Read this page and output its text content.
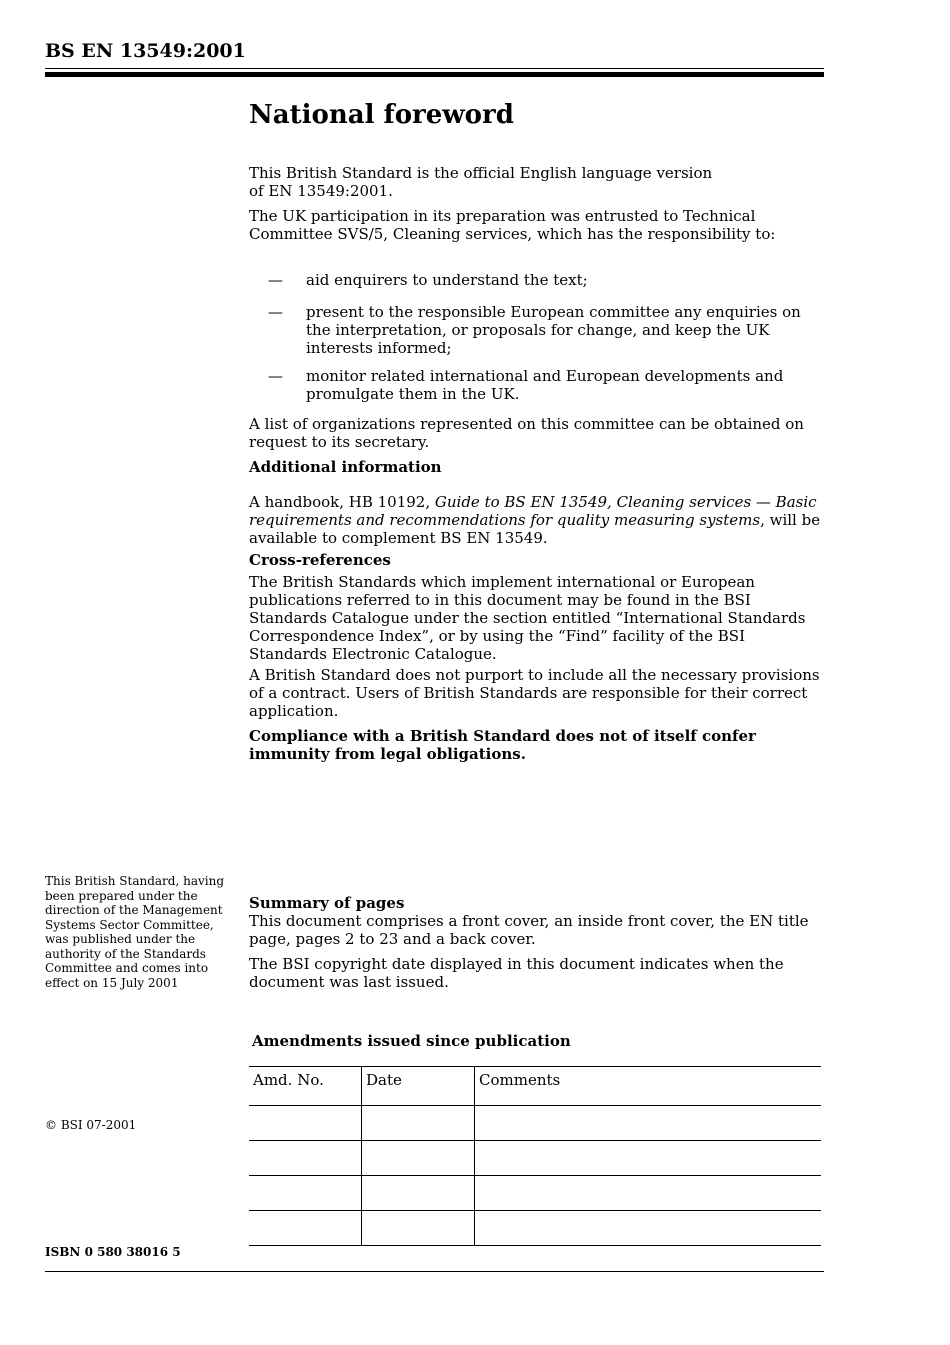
BS EN 13549:2001
National foreword
This British Standard is the official English language version of EN 13549:2001.
The UK participation in its preparation was entrusted to Technical Committee SVS/5, Cleaning services, which has the responsibility to:
— aid enquirers to understand the text;
— present to the responsible European committee any enquiries on the interpretation, or proposals for change, and keep the UK interests informed;
— monitor related international and European developments and promulgate them in the UK.
A list of organizations represented on this committee can be obtained on request to its secretary.
Additional information
A handbook, HB 10192, Guide to BS EN 13549, Cleaning services — Basic requirements and recommendations for quality measuring systems, will be available to complement BS EN 13549.
Cross-references
The British Standards which implement international or European publications referred to in this document may be found in the BSI Standards Catalogue under the section entitled “International Standards Correspondence Index”, or by using the “Find” facility of the BSI Standards Electronic Catalogue.
A British Standard does not purport to include all the necessary provisions of a contract. Users of British Standards are responsible for their correct application.
Compliance with a British Standard does not of itself confer immunity from legal obligations.
This British Standard, having been prepared under the direction of the Management Systems Sector Committee, was published under the authority of the Standards Committee and comes into effect on 15 July 2001
Summary of pages
This document comprises a front cover, an inside front cover, the EN title page, pages 2 to 23 and a back cover.
The BSI copyright date displayed in this document indicates when the document was last issued.
Amendments issued since publication
Amd. No.	Date	Comments

© BSI 07-2001
ISBN 0 580 38016 5
